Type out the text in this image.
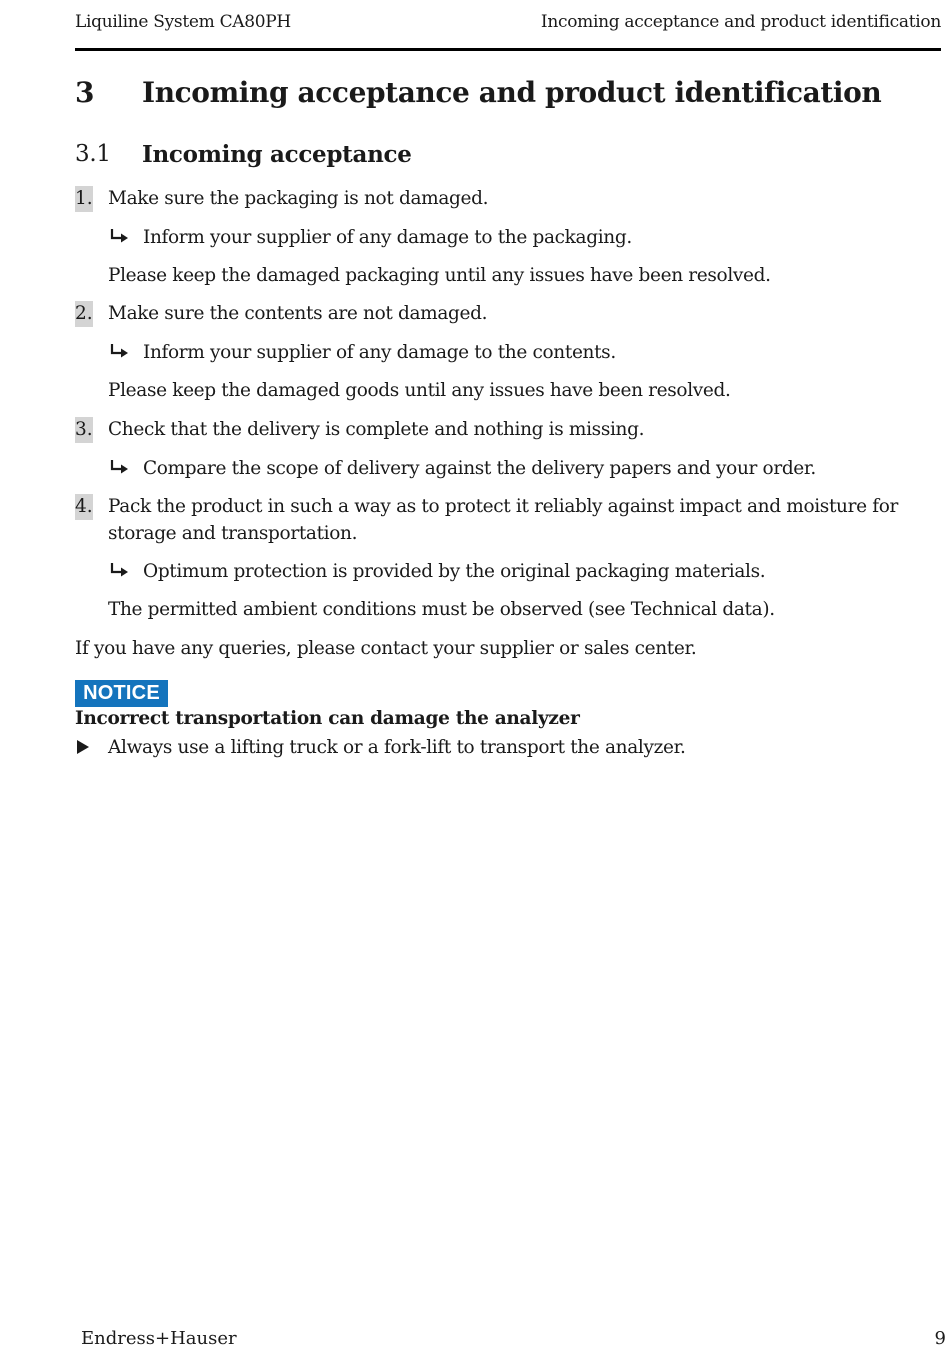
Liquiline System CA80PH	Incoming acceptance and product identification
3 Incoming acceptance and product identification
3.1 Incoming acceptance
1. Make sure the packaging is not damaged.
Inform your supplier of any damage to the packaging.
Please keep the damaged packaging until any issues have been resolved.
2. Make sure the contents are not damaged.
Inform your supplier of any damage to the contents.
Please keep the damaged goods until any issues have been resolved.
3. Check that the delivery is complete and nothing is missing.
Compare the scope of delivery against the delivery papers and your order.
4. Pack the product in such a way as to protect it reliably against impact and moisture for
storage and transportation.
Optimum protection is provided by the original packaging materials.
The permitted ambient conditions must be observed (see Technical data).
If you have any queries, please contact your supplier or sales center.
NOTICE
Incorrect transportation can damage the analyzer
Always use a lifting truck or a fork-lift to transport the analyzer.
Endress+Hauser	9
